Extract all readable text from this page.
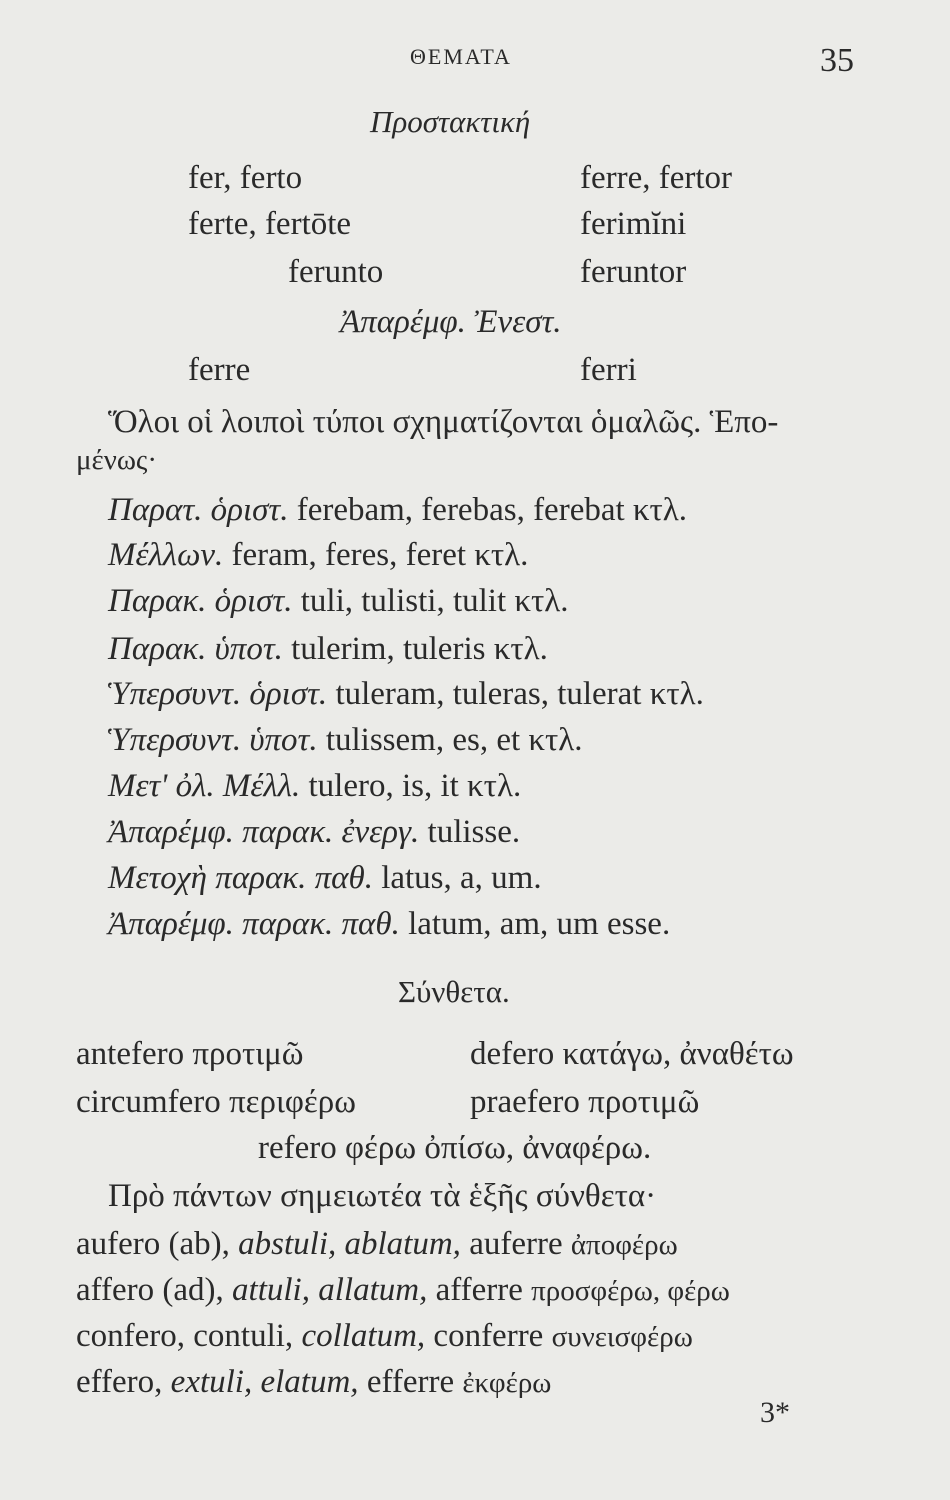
ΘΕΜΑΤΑ	35
Προστακτική
fer, ferto	ferre, fertor
ferte, fertōte	ferimĭni
ferunto	feruntor
Ἀπαρέμφ. Ἐνεστ.
ferre	ferri
Ὅλοι οἱ λοιποὶ τύποι σχηματίζονται ὁμαλῶς. Ἑπο-
μένως·
Παρατ. ὁριστ. ferebam, ferebas, ferebat κτλ.
Μέλλων. feram, feres, feret κτλ.
Παρακ. ὁριστ. tuli, tulisti, tulit κτλ.
Παρακ. ὑποτ. tulerim, tuleris κτλ.
Ὑπερσυντ. ὁριστ. tuleram, tuleras, tulerat κτλ.
Ὑπερσυντ. ὑποτ. tulissem, es, et κτλ.
Μετ' ὀλ. Μέλλ. tulero, is, it κτλ.
Ἀπαρέμφ. παρακ. ἐνεργ. tulisse.
Μετοχὴ παρακ. παθ. latus, a, um.
Ἀπαρέμφ. παρακ. παθ. latum, am, um esse.
Σύνθετα.
antefero προτιμῶ	defero κατάγω, ἀναθέτω
circumfero περιφέρω	praefero προτιμῶ
refero φέρω ὀπίσω, ἀναφέρω.
Πρὸ πάντων σημειωτέα τὰ ἑξῆς σύνθετα·
aufero (ab), abstuli, ablatum, auferre ἀποφέρω
affero (ad), attuli, allatum, afferre προσφέρω, φέρω
confero, contuli, collatum, conferre συνεισφέρω
effero, extuli, elatum, efferre ἐκφέρω
3*
